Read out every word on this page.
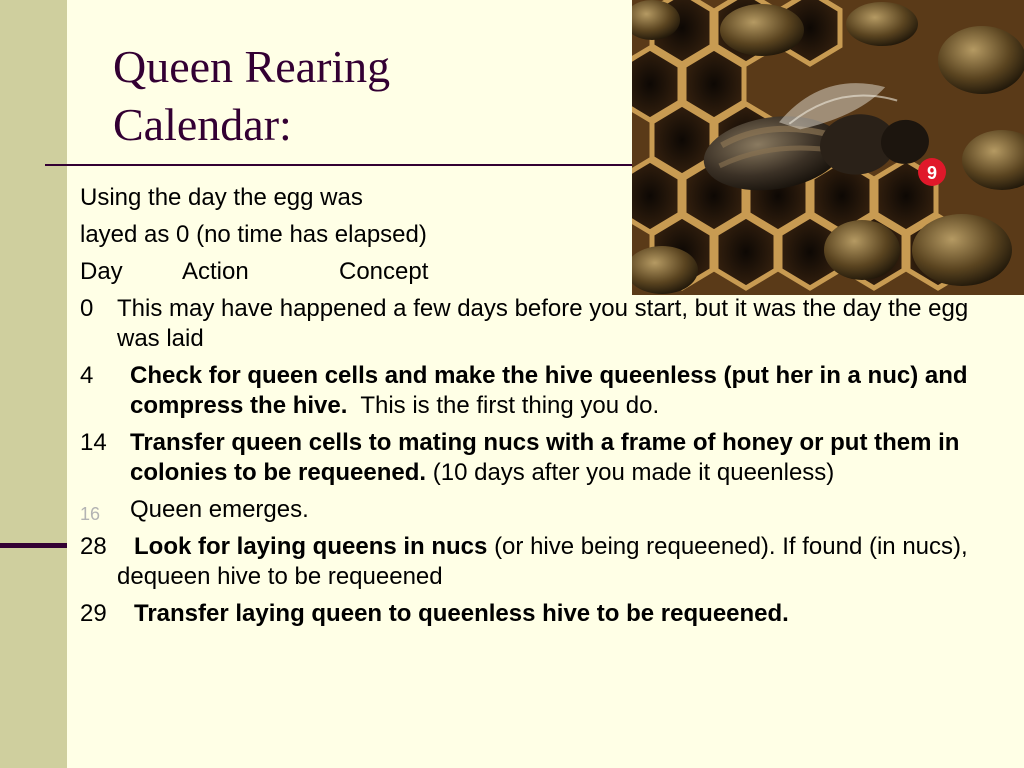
Queen Rearing
Calendar:
9
Using the day the egg was
layed as 0 (no time has elapsed)
Day Action	Concept
0 This may have happened a few days before you start, but it was the day the egg was laid
4	Check for queen cells and make the hive queenless (put her in a nuc) and compress the hive. This is the first thing you do.
14 Transfer queen cells to mating nucs with a frame of honey or put them in colonies to be requeened. (10 days after you made it queenless)
16	Queen emerges.
28	Look for laying queens in nucs (or hive being requeened). If found (in nucs), dequeen hive to be requeened
29	Transfer laying queen to queenless hive to be requeened.
